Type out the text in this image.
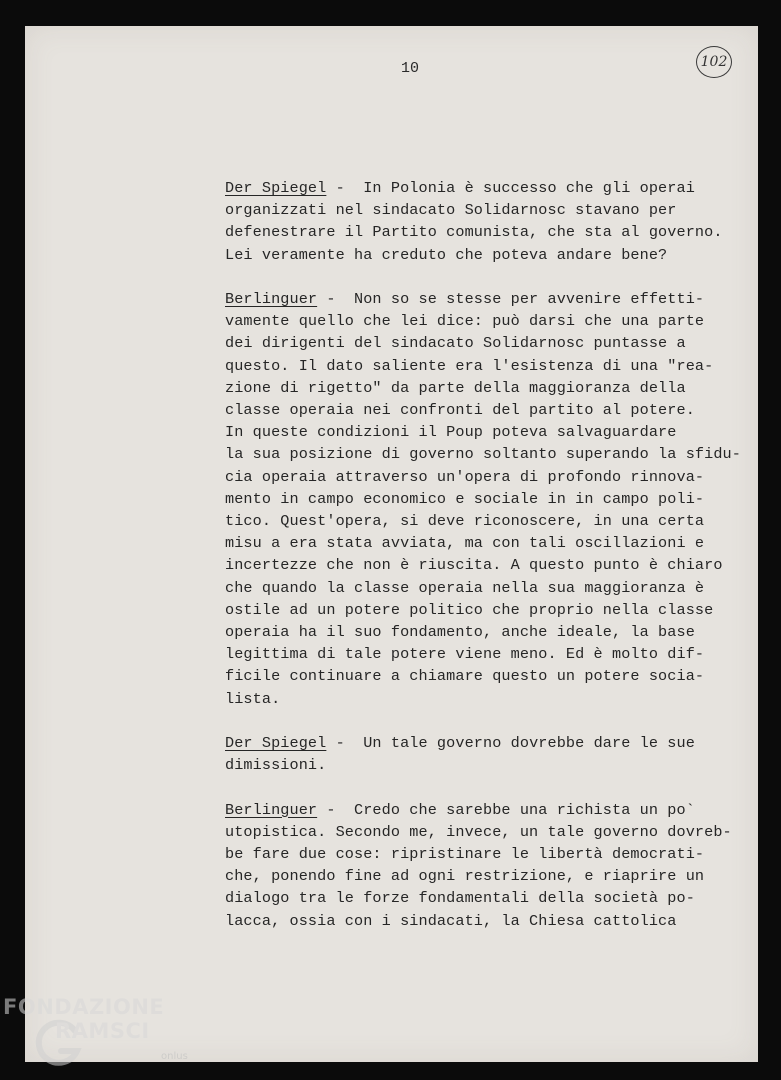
10	102
Der Spiegel -  In Polonia è successo che gli operai
organizzati nel sindacato Solidarnosc stavano per
defenestrare il Partito comunista, che sta al governo.
Lei veramente ha creduto che poteva andare bene?
Berlinguer -  Non so se stesse per avvenire effetti-
vamente quello che lei dice: può darsi che una parte
dei dirigenti del sindacato Solidarnosc puntasse a
questo. Il dato saliente era l'esistenza di una "rea-
zione di rigetto" da parte della maggioranza della
classe operaia nei confronti del partito al potere.
In queste condizioni il Poup poteva salvaguardare
la sua posizione di governo soltanto superando la sfidu-
cia operaia attraverso un'opera di profondo rinnova-
mento in campo economico e sociale in in campo poli-
tico. Quest'opera, si deve riconoscere, in una certa
misu a era stata avviata, ma con tali oscillazioni e
incertezze che non è riuscita. A questo punto è chiaro
che quando la classe operaia nella sua maggioranza è
ostile ad un potere politico che proprio nella classe
operaia ha il suo fondamento, anche ideale, la base
legittima di tale potere viene meno. Ed è molto dif-
ficile continuare a chiamare questo un potere socia-
lista.
Der Spiegel -  Un tale governo dovrebbe dare le sue
dimissioni.
Berlinguer -  Credo che sarebbe una richista un po`
utopistica. Secondo me, invece, un tale governo dovreb-
be fare due cose: ripristinare le libertà democrati-
che, ponendo fine ad ogni restrizione, e riaprire un
dialogo tra le forze fondamentali della società po-
lacca, ossia con i sindacati, la Chiesa cattolica
FONDAZIONE
RAMSCI
onlus
